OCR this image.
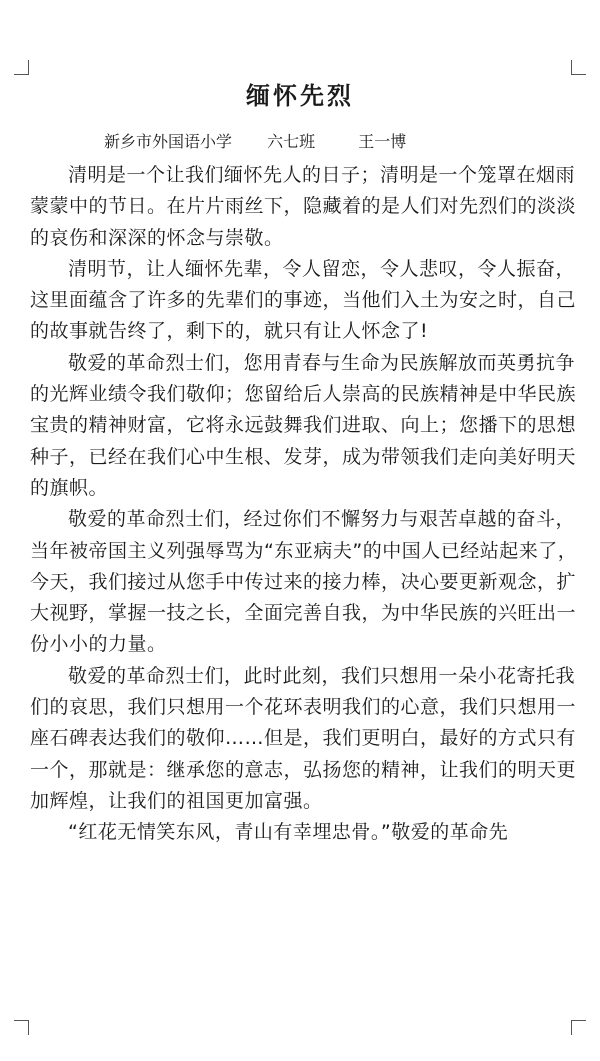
缅怀先烈
新乡市外国语小学 六七班	王一博

清明是一个让我们缅怀先人的日子；清明是一个笼罩在烟雨蒙蒙中的节日。在片片雨丝下，隐藏着的是人们对先烈们的淡淡的哀伤和深深的怀念与崇敬。

清明节，让人缅怀先辈，令人留恋，令人悲叹，令人振奋，这里面蕴含了许多的先辈们的事迹，当他们入土为安之时，自己的故事就告终了，剩下的，就只有让人怀念了!

敬爱的革命烈士们，您用青春与生命为民族解放而英勇抗争的光辉业绩令我们敬仰；您留给后人崇高的民族精神是中华民族宝贵的精神财富，它将永远鼓舞我们进取、向上；您播下的思想种子，已经在我们心中生根、发芽，成为带领我们走向美好明天的旗帜。

敬爱的革命烈士们，经过你们不懈努力与艰苦卓越的奋斗，当年被帝国主义列强辱骂为“东亚病夫”的中国人已经站起来了，今天，我们接过从您手中传过来的接力棒，决心要更新观念，扩大视野，掌握一技之长，全面完善自我，为中华民族的兴旺出一份小小的力量。

敬爱的革命烈士们，此时此刻，我们只想用一朵小花寄托我们的哀思，我们只想用一个花环表明我们的心意，我们只想用一座石碑表达我们的敬仰……但是，我们更明白，最好的方式只有一个，那就是：继承您的意志，弘扬您的精神，让我们的明天更加辉煌，让我们的祖国更加富强。

“红花无情笑东风，青山有幸埋忠骨。”敬爱的革命先
